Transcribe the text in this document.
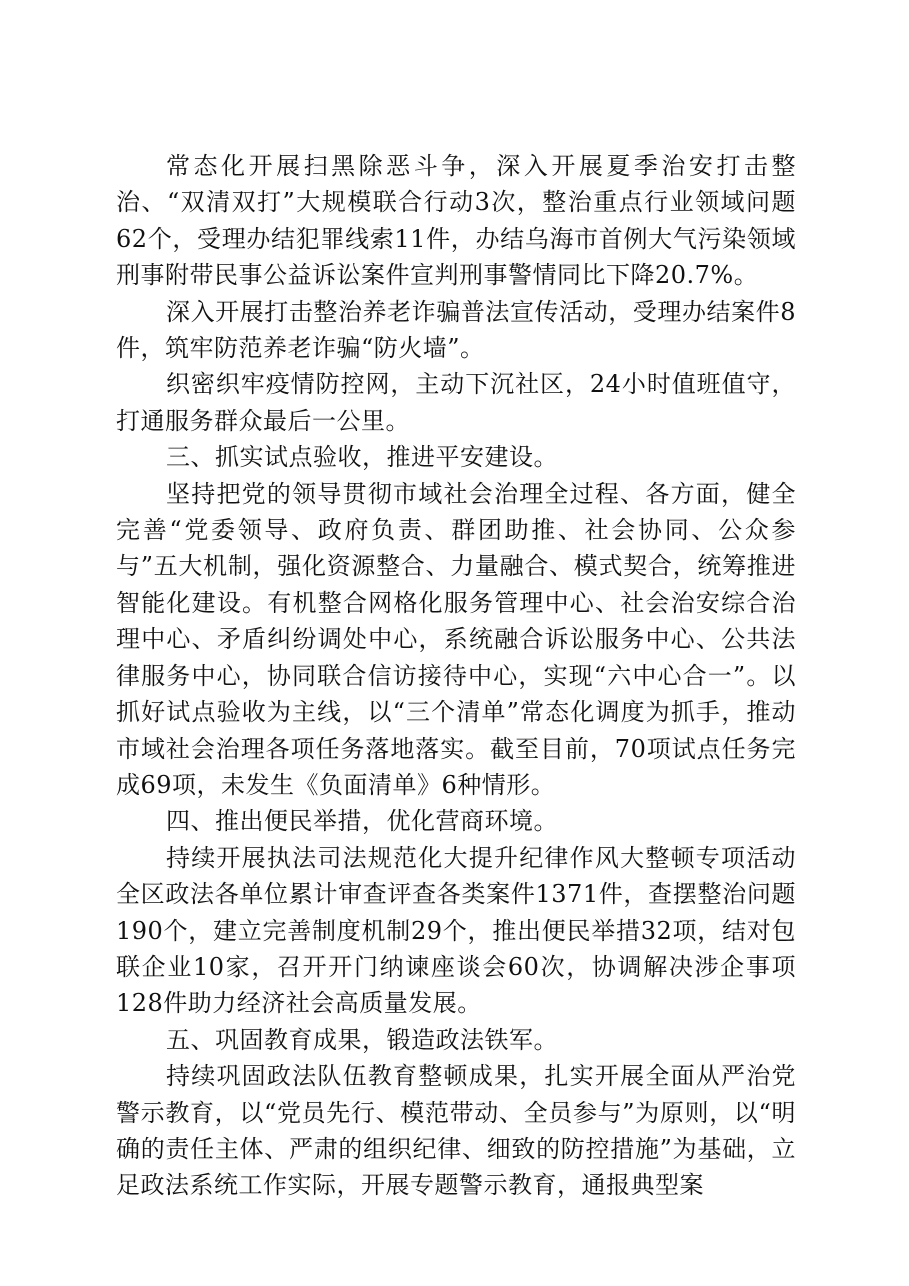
常态化开展扫黑除恶斗争，深入开展夏季治安打击整治、“双清双打”大规模联合行动3次，整治重点行业领域问题62个，受理办结犯罪线索11件，办结乌海市首例大气污染领域刑事附带民事公益诉讼案件宣判刑事警情同比下降20.7%。

深入开展打击整治养老诈骗普法宣传活动，受理办结案件8件，筑牢防范养老诈骗“防火墙”。

织密织牢疫情防控网，主动下沉社区，24小时值班值守，打通服务群众最后一公里。

三、抓实试点验收，推进平安建设。

坚持把党的领导贯彻市域社会治理全过程、各方面，健全完善“党委领导、政府负责、群团助推、社会协同、公众参与”五大机制，强化资源整合、力量融合、模式契合，统筹推进智能化建设。有机整合网格化服务管理中心、社会治安综合治理中心、矛盾纠纷调处中心，系统融合诉讼服务中心、公共法律服务中心，协同联合信访接待中心，实现“六中心合一”。以抓好试点验收为主线，以“三个清单”常态化调度为抓手，推动市域社会治理各项任务落地落实。截至目前，70项试点任务完成69项，未发生《负面清单》6种情形。

四、推出便民举措，优化营商环境。

持续开展执法司法规范化大提升纪律作风大整顿专项活动全区政法各单位累计审查评查各类案件1371件，查摆整治问题190个，建立完善制度机制29个，推出便民举措32项，结对包联企业10家，召开开门纳谏座谈会60次，协调解决涉企事项128件助力经济社会高质量发展。

五、巩固教育成果，锻造政法铁军。

持续巩固政法队伍教育整顿成果，扎实开展全面从严治党警示教育，以“党员先行、模范带动、全员参与”为原则，以“明确的责任主体、严肃的组织纪律、细致的防控措施”为基础，立足政法系统工作实际，开展专题警示教育，通报典型案
